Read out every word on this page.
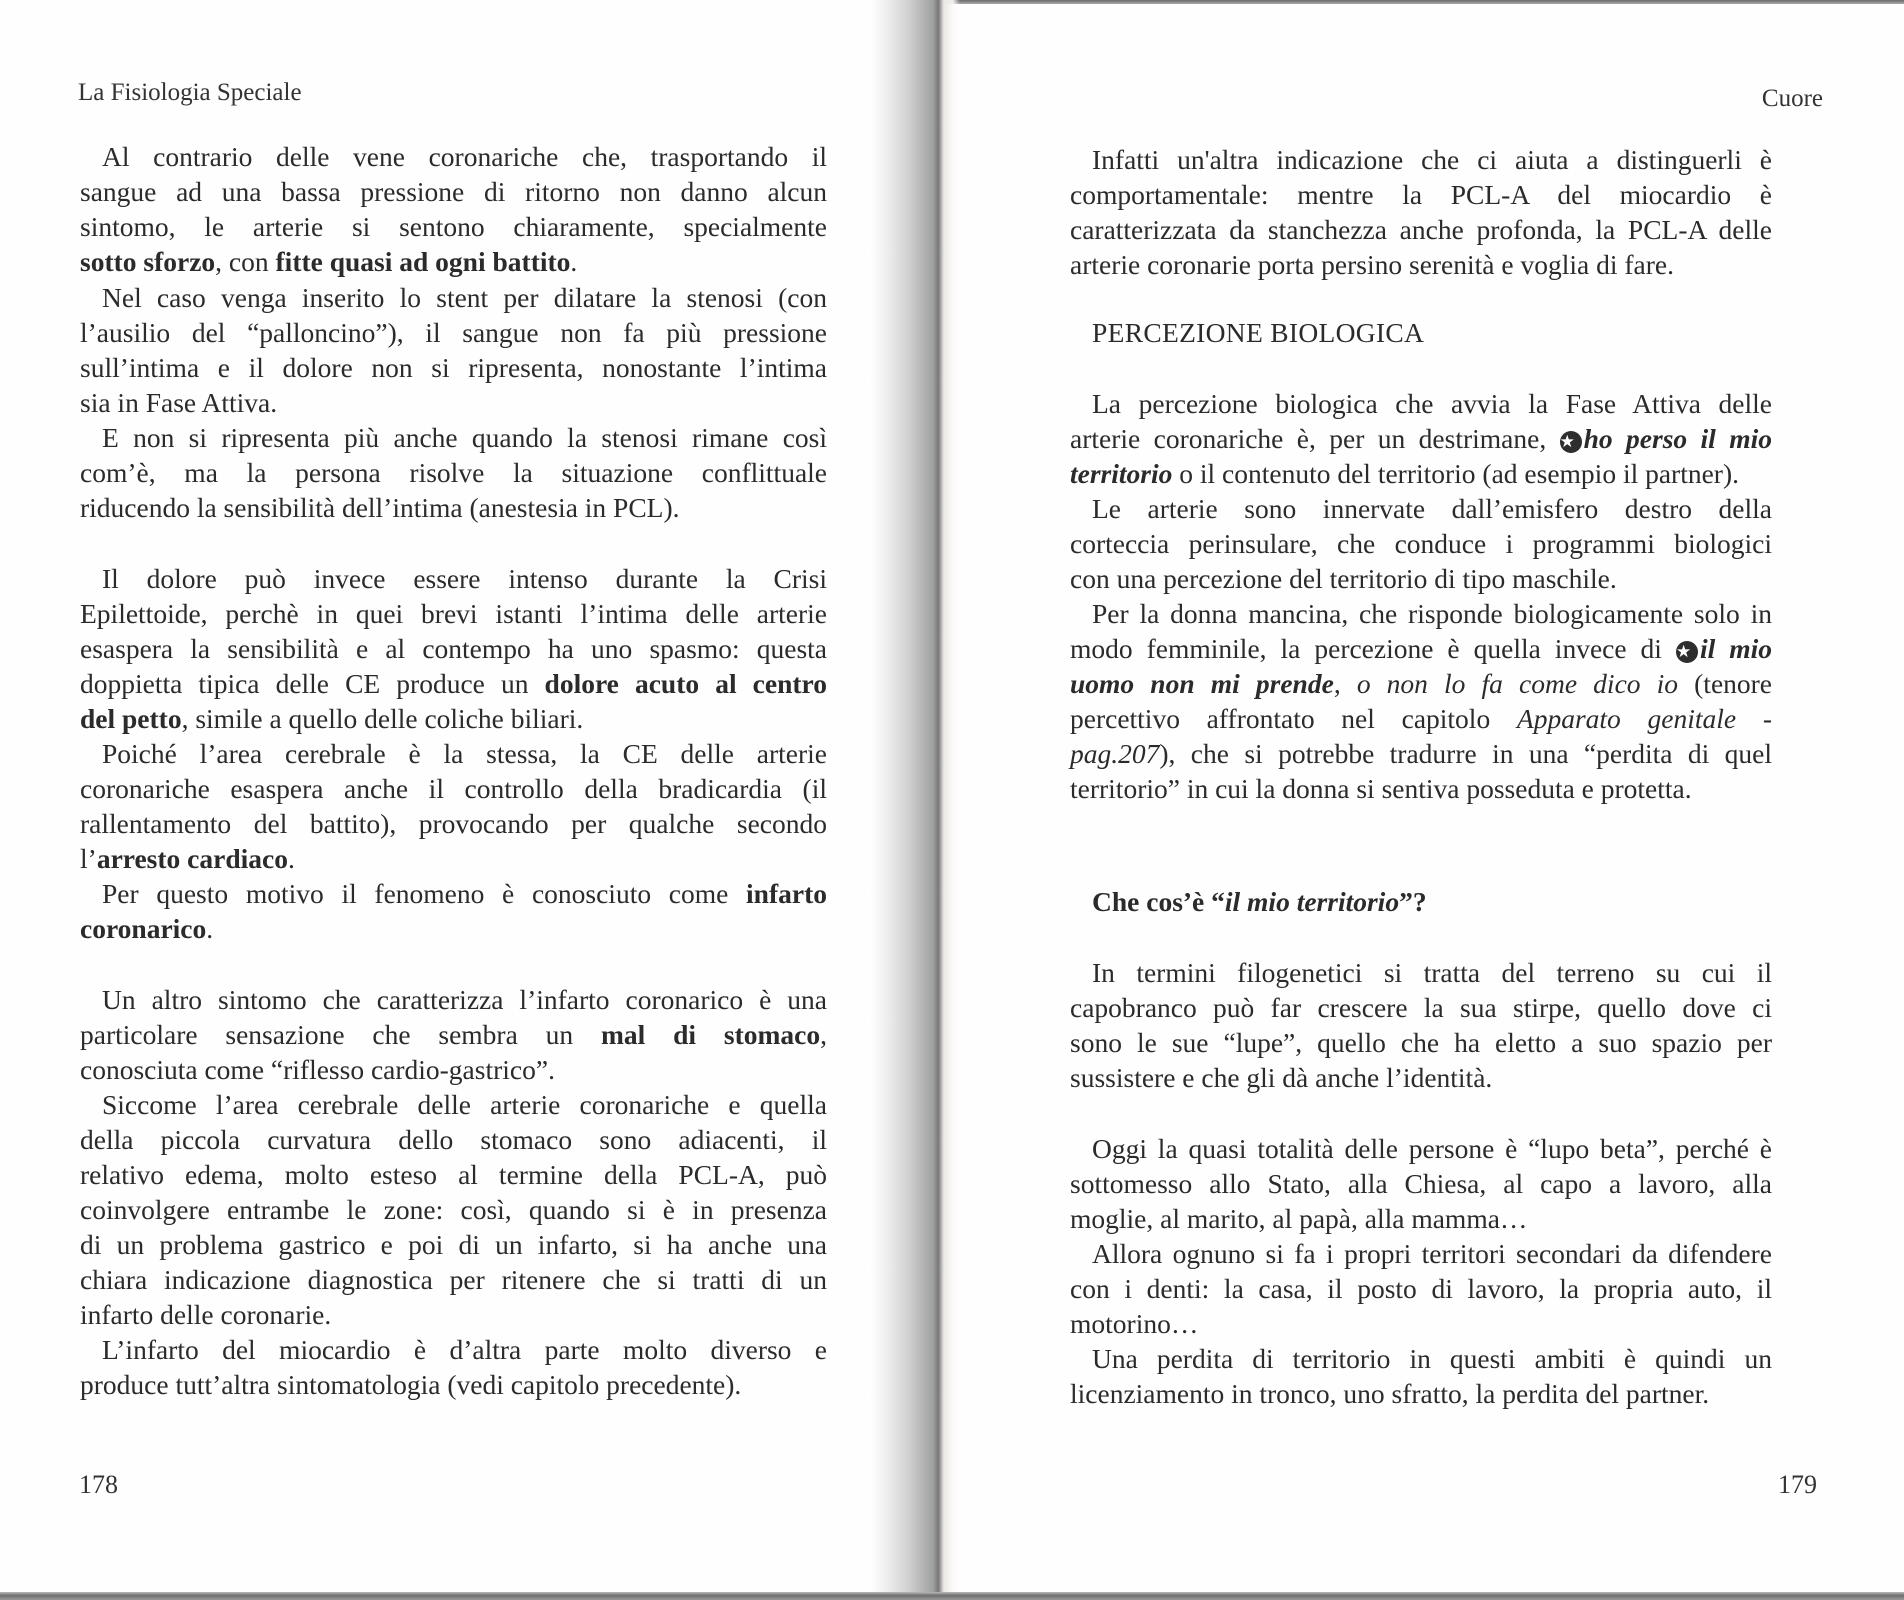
La Fisiologia Speciale
Al contrario delle vene coronariche che, trasportando il
sangue ad una bassa pressione di ritorno non danno alcun
sintomo, le arterie si sentono chiaramente, specialmente
sotto sforzo, con fitte quasi ad ogni battito.
Nel caso venga inserito lo stent per dilatare la stenosi (con
l’ausilio del “palloncino”), il sangue non fa più pressione
sull’intima e il dolore non si ripresenta, nonostante l’intima
sia in Fase Attiva.
E non si ripresenta più anche quando la stenosi rimane così
com’è, ma la persona risolve la situazione conflittuale
riducendo la sensibilità dell’intima (anestesia in PCL).
Il dolore può invece essere intenso durante la Crisi
Epilettoide, perchè in quei brevi istanti l’intima delle arterie
esaspera la sensibilità e al contempo ha uno spasmo: questa
doppietta tipica delle CE produce un dolore acuto al centro
del petto, simile a quello delle coliche biliari.
Poiché l’area cerebrale è la stessa, la CE delle arterie
coronariche esaspera anche il controllo della bradicardia (il
rallentamento del battito), provocando per qualche secondo
l’arresto cardiaco.
Per questo motivo il fenomeno è conosciuto come infarto
coronarico.
Un altro sintomo che caratterizza l’infarto coronarico è una
particolare sensazione che sembra un mal di stomaco,
conosciuta come “riflesso cardio-gastrico”.
Siccome l’area cerebrale delle arterie coronariche e quella
della piccola curvatura dello stomaco sono adiacenti, il
relativo edema, molto esteso al termine della PCL-A, può
coinvolgere entrambe le zone: così, quando si è in presenza
di un problema gastrico e poi di un infarto, si ha anche una
chiara indicazione diagnostica per ritenere che si tratti di un
infarto delle coronarie.
L’infarto del miocardio è d’altra parte molto diverso e
produce tutt’altra sintomatologia (vedi capitolo precedente).
178
Cuore
Infatti un'altra indicazione che ci aiuta a distinguerli è
comportamentale: mentre la PCL-A del miocardio è
caratterizzata da stanchezza anche profonda, la PCL-A delle
arterie coronarie porta persino serenità e voglia di fare.
PERCEZIONE BIOLOGICA
La percezione biologica che avvia la Fase Attiva delle
arterie coronariche è, per un destrimane, ★ ho perso il mio
territorio o il contenuto del territorio (ad esempio il partner).
Le arterie sono innervate dall’emisfero destro della
corteccia perinsulare, che conduce i programmi biologici
con una percezione del territorio di tipo maschile.
Per la donna mancina, che risponde biologicamente solo in
modo femminile, la percezione è quella invece di ★ il mio
uomo non mi prende, o non lo fa come dico io (tenore
percettivo affrontato nel capitolo Apparato genitale -
pag.207), che si potrebbe tradurre in una “perdita di quel
territorio” in cui la donna si sentiva posseduta e protetta.
Che cos’è “il mio territorio”?
In termini filogenetici si tratta del terreno su cui il
capobranco può far crescere la sua stirpe, quello dove ci
sono le sue “lupe”, quello che ha eletto a suo spazio per
sussistere e che gli dà anche l’identità.
Oggi la quasi totalità delle persone è “lupo beta”, perché è
sottomesso allo Stato, alla Chiesa, al capo a lavoro, alla
moglie, al marito, al papà, alla mamma…
Allora ognuno si fa i propri territori secondari da difendere
con i denti: la casa, il posto di lavoro, la propria auto, il
motorino…
Una perdita di territorio in questi ambiti è quindi un
licenziamento in tronco, uno sfratto, la perdita del partner.
179
